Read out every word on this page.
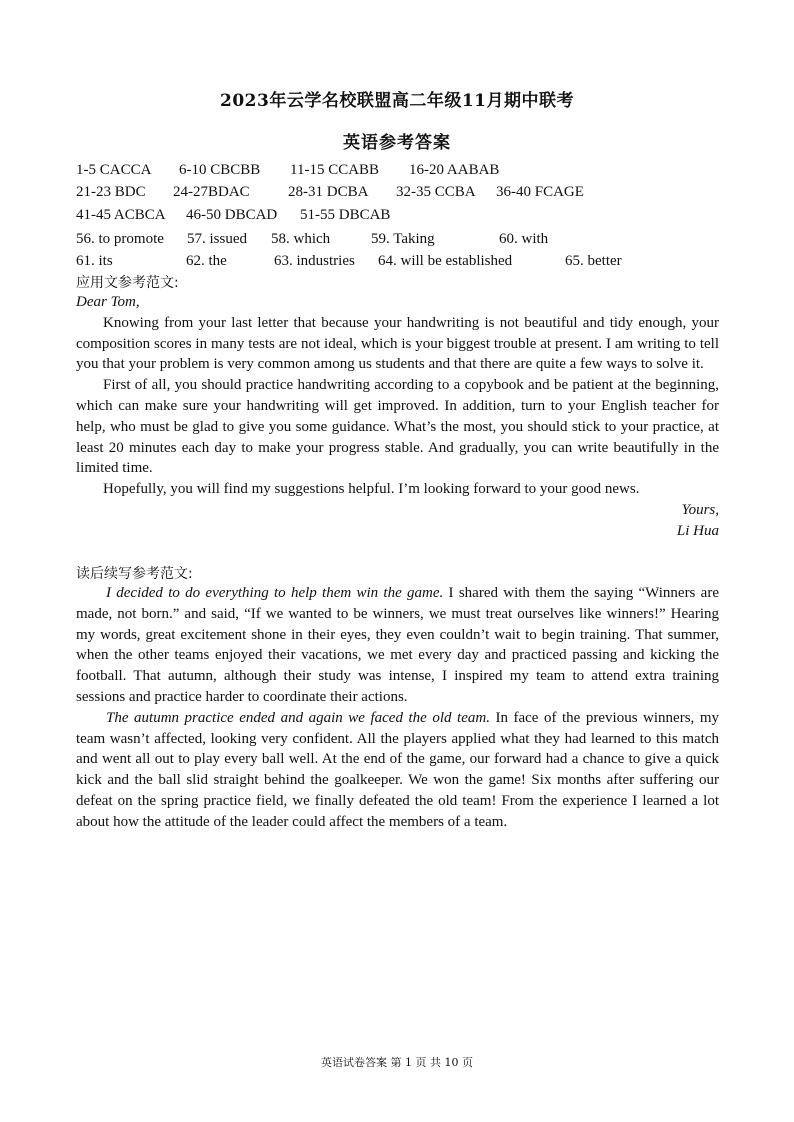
2023年云学名校联盟高二年级11月期中联考
英语参考答案
1-5 CACCA 6-10 CBCBB 11-15 CCABB 16-20 AABAB
21-23 BDC 24-27BDAC	28-31 DCBA 32-35 CCBA 36-40 FCAGE
41-45 ACBCA 46-50 DBCAD 51-55 DBCAB
56. to promote 57. issued 58. which	59. Taking	60. with
61. its	62. the	63. industries 64. will be established	65. better
应用文参考范文:

Dear Tom,

Knowing from your last letter that because your handwriting is not beautiful and tidy enough, your composition scores in many tests are not ideal, which is your biggest trouble at present. I am writing to tell you that your problem is very common among us students and that there are quite a few ways to solve it.

First of all, you should practice handwriting according to a copybook and be patient at the beginning, which can make sure your handwriting will get improved. In addition, turn to your English teacher for help, who must be glad to give you some guidance. What’s the most, you should stick to your practice, at least 20 minutes each day to make your progress stable. And gradually, you can write beautifully in the limited time.

Hopefully, you will find my suggestions helpful. I’m looking forward to your good news.

Yours,

Li Hua

读后续写参考范文:

I decided to do everything to help them win the game. I shared with them the saying “Winners are made, not born.” and said, “If we wanted to be winners, we must treat ourselves like winners!” Hearing my words, great excitement shone in their eyes, they even couldn’t wait to begin training. That summer, when the other teams enjoyed their vacations, we met every day and practiced passing and kicking the football. That autumn, although their study was intense, I inspired my team to attend extra training sessions and practice harder to coordinate their actions.

The autumn practice ended and again we faced the old team. In face of the previous winners, my team wasn’t affected, looking very confident. All the players applied what they had learned to this match and went all out to play every ball well. At the end of the game, our forward had a chance to give a quick kick and the ball slid straight behind the goalkeeper. We won the game! Six months after suffering our defeat on the spring practice field, we finally defeated the old team! From the experience I learned a lot about how the attitude of the leader could affect the members of a team.

英语试卷答案 第 1 页 共 10 页
